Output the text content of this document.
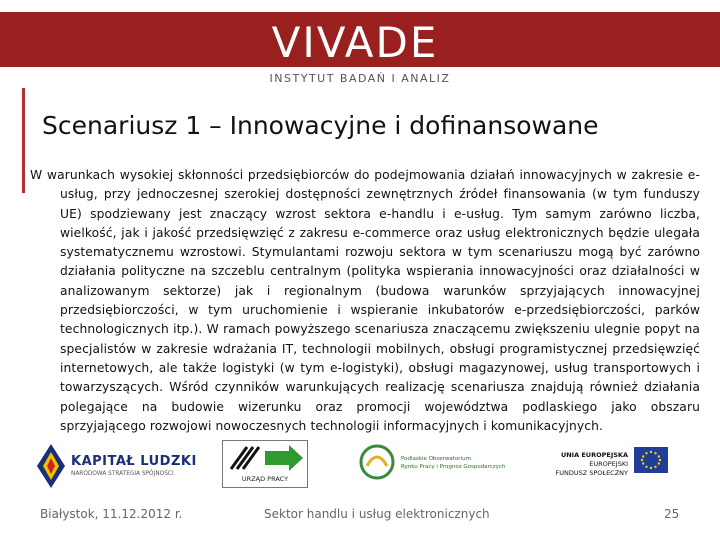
VIVADE
INSTYTUT BADAŃ I ANALIZ
Scenariusz 1 – Innowacyjne i dofinansowane
W warunkach wysokiej skłonności przedsiębiorców do podejmowania działań innowacyjnych w zakresie e-usług, przy jednoczesnej szerokiej dostępności zewnętrznych źródeł finansowania (w tym funduszy UE) spodziewany jest znaczący wzrost sektora e-handlu i e-usług. Tym samym zarówno liczba, wielkość, jak i jakość przedsięwzięć z zakresu e-commerce oraz usług elektronicznych będzie ulegała systematycznemu wzrostowi. Stymulantami rozwoju sektora w tym scenariuszu mogą być zarówno działania polityczne na szczeblu centralnym (polityka wspierania innowacyjności oraz działalności w analizowanym sektorze) jak i regionalnym (budowa warunków sprzyjających innowacyjnej przedsiębiorczości, w tym uruchomienie i wspieranie inkubatorów e-przedsiębiorczości, parków technologicznych itp.). W ramach powyższego scenariusza znaczącemu zwiększeniu ulegnie popyt na specjalistów w zakresie wdrażania IT, technologii mobilnych, obsługi programistycznej przedsięwzięć internetowych, ale także logistyki (w tym e-logistyki), obsługi magazynowej, usług transportowych i towarzyszących. Wśród czynników warunkujących realizację scenariusza znajdują również działania polegające na budowie wizerunku oraz promocji województwa podlaskiego jako obszaru sprzyjającego rozwojowi nowoczesnych technologii informacyjnych i komunikacyjnych.
KAPITAŁ LUDZKI
NARODOWA STRATEGIA SPÓJNOŚCI
URZĄD PRACY
Podlaskie Obserwatorium
Rynku Pracy i Prognoz Gospodarczych
UNIA EUROPEJSKA
EUROPEJSKI
FUNDUSZ SPOŁECZNY
Białystok, 11.12.2012 r.	Sektor handlu i usług elektronicznych	25
